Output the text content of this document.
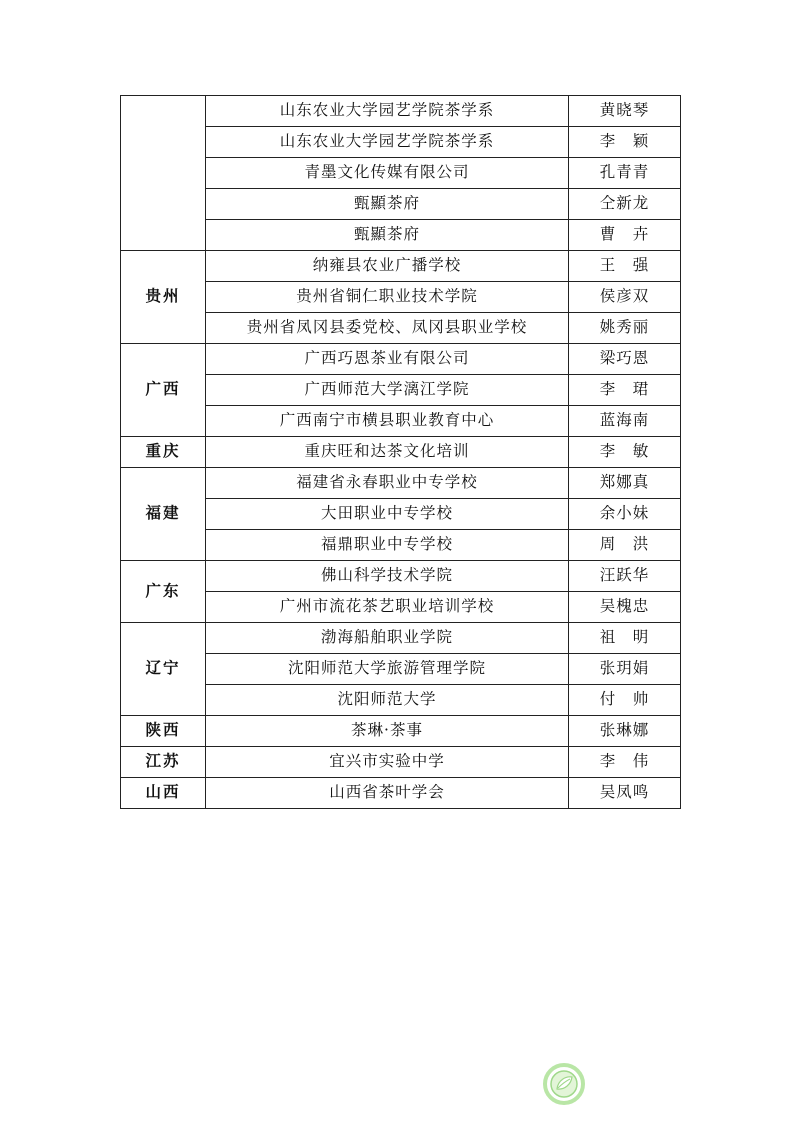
	山东农业大学园艺学院茶学系	黄晓琴
	山东农业大学园艺学院茶学系	李　颖
	青墨文化传媒有限公司	孔青青
	甄顯茶府	仝新龙
	甄顯茶府	曹　卉
贵州	纳雍县农业广播学校	王　强
	贵州省铜仁职业技术学院	侯彦双
	贵州省凤冈县委党校、凤冈县职业学校	姚秀丽
广西	广西巧恩茶业有限公司	梁巧恩
	广西师范大学漓江学院	李　珺
	广西南宁市横县职业教育中心	蓝海南
重庆	重庆旺和达茶文化培训	李　敏
福建	福建省永春职业中专学校	郑娜真
	大田职业中专学校	余小妹
	福鼎职业中专学校	周　洪
广东	佛山科学技术学院	汪跃华
	广州市流花茶艺职业培训学校	吴槐忠
辽宁	渤海船舶职业学院	祖　明
	沈阳师范大学旅游管理学院	张玥娟
	沈阳师范大学	付　帅
陕西	茶琳·茶事	张琳娜
江苏	宜兴市实验中学	李　伟
山西	山西省茶叶学会	吴凤鸣
